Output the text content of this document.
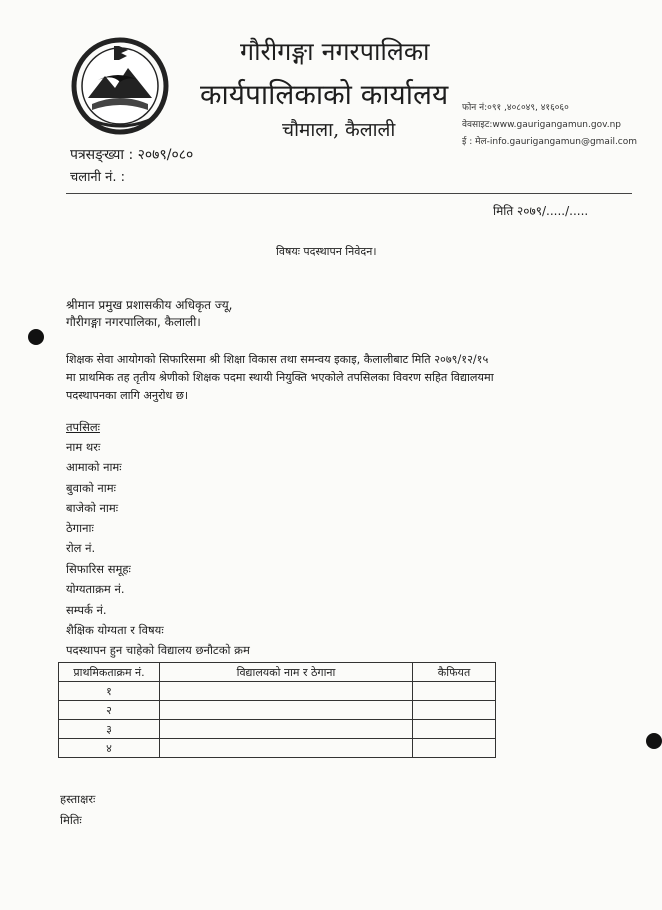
गौरीगङ्गा नगरपालिका
कार्यपालिकाको कार्यालय
चौमाला, कैलाली
फोन नं:०९१ ,४०८०४९, ४१६०६०
वेवसाइट:www.gaurigangamun.gov.np
ई : मेल-info.gaurigangamun@gmail.com
पत्रसङ्ख्या : २०७९/०८०
चलानी नं. :
मिति २०७९/...../.....
विषयः पदस्थापन निवेदन।
श्रीमान प्रमुख प्रशासकीय अधिकृत ज्यू,
गौरीगङ्गा नगरपालिका, कैलाली।
शिक्षक सेवा आयोगको सिफारिसमा श्री शिक्षा विकास तथा समन्वय इकाइ, कैलालीबाट मिति २०७९/१२/१५
मा प्राथमिक तह तृतीय श्रेणीको शिक्षक पदमा स्थायी नियुक्ति भएकोले तपसिलका विवरण सहित विद्यालयमा
पदस्थापनका लागि अनुरोध छ।
तपसिलः
नाम थरः
आमाको नामः
बुवाको नामः
बाजेको नामः
ठेगानाः
रोल नं.
सिफारिस समूहः
योग्यताक्रम नं.
सम्पर्क नं.
शैक्षिक योग्यता र विषयः
पदस्थापन हुन चाहेको विद्यालय छनौटको क्रम
प्राथमिकताक्रम नं.	विद्यालयको नाम र ठेगाना	कैफियत
१		
२		
३		
४		
हस्ताक्षरः
मितिः
